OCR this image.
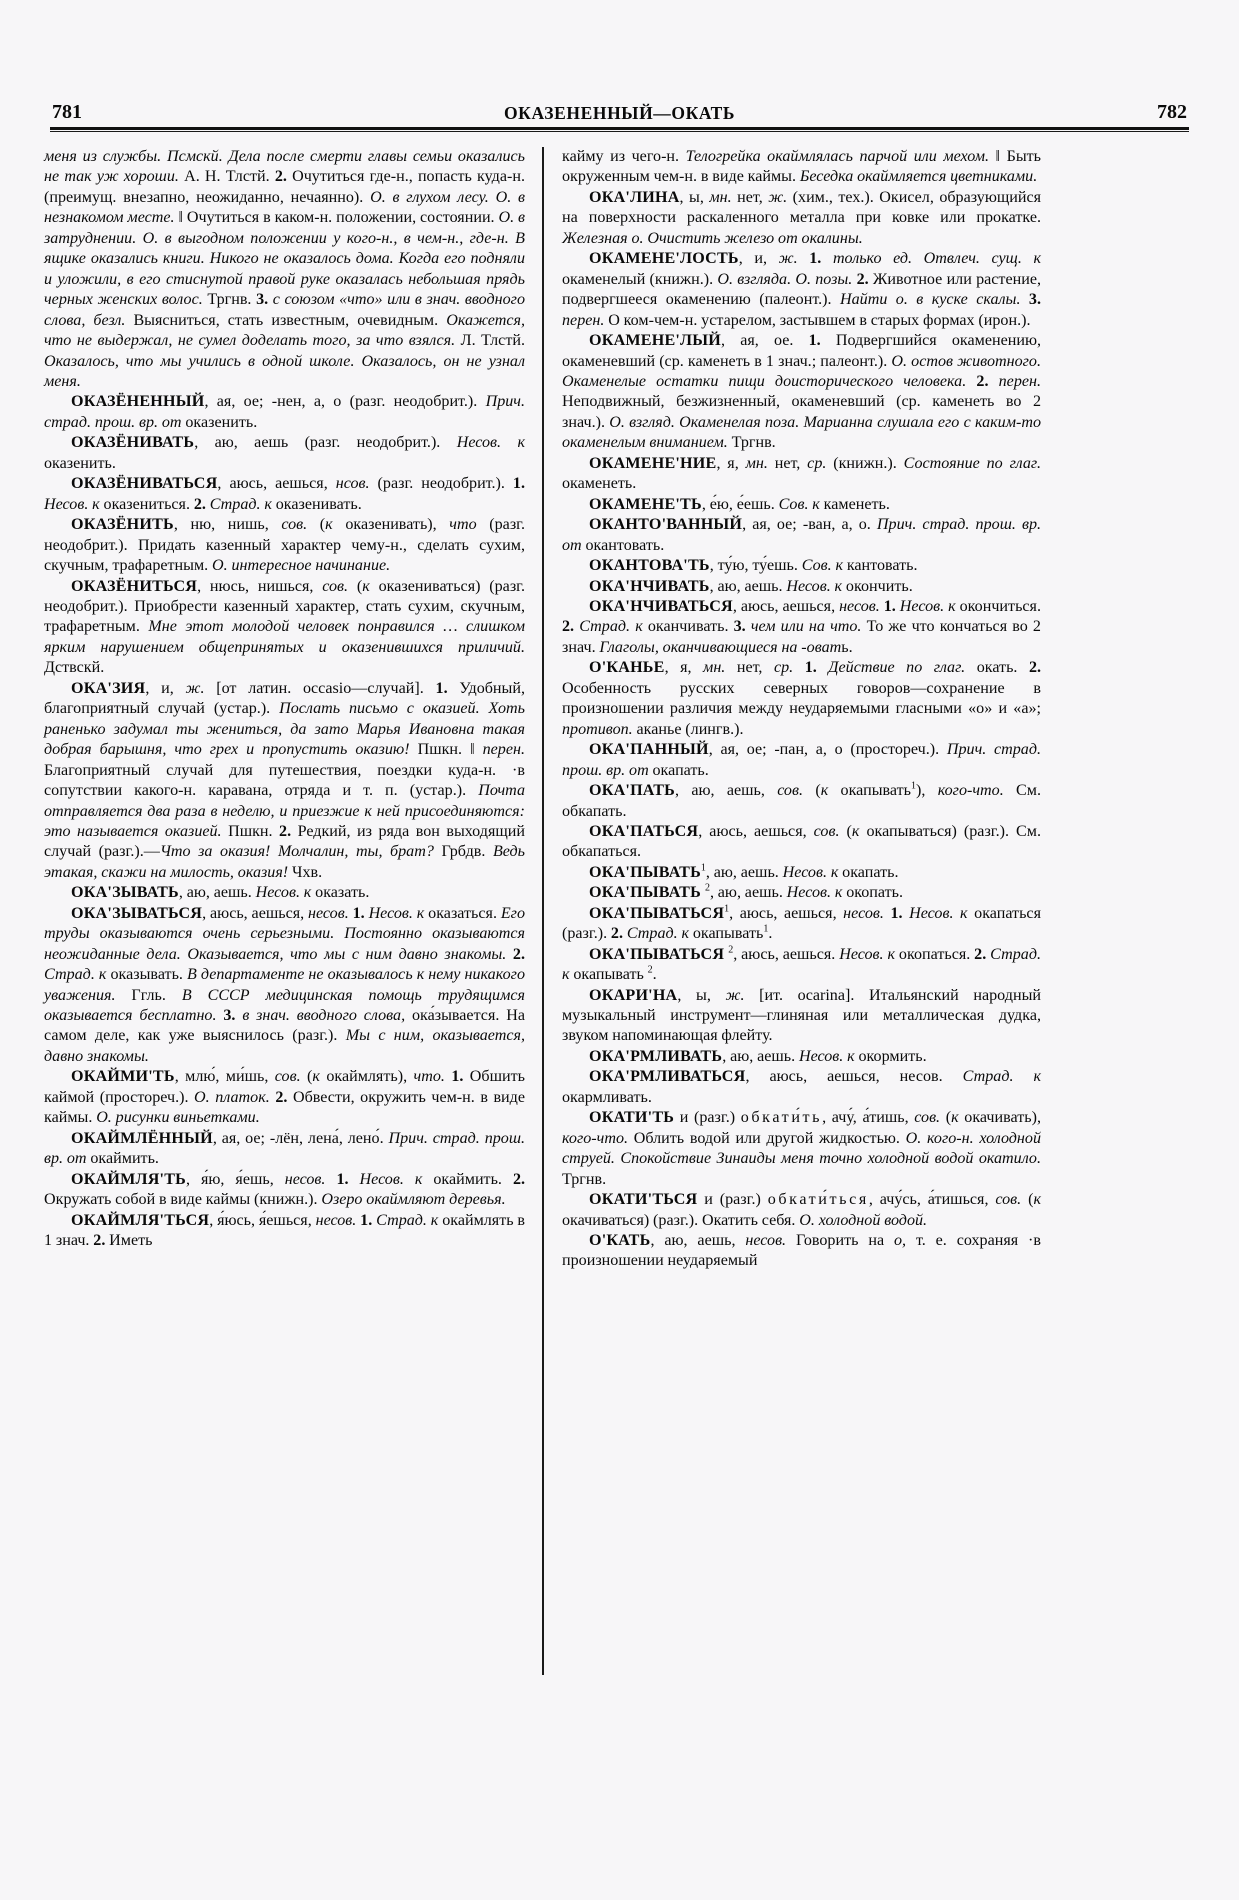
781	ОКАЗЕНЕННЫЙ—ОКАТЬ	782

меня из службы. Псмскй. Дела после смерти главы семьи оказались не так уж хороши. А. Н. Тлстй. 2. Очутиться где-н., попасть куда-н. (преимущ. внезапно, неожиданно, нечаянно). О. в глухом лесу. О. в незнакомом месте. ‖ Очутиться в каком-н. положении, состоянии. О. в затруднении. О. в выгодном положении у кого-н., в чем-н., где-н. В ящике оказались книги. Никого не оказалось дома. Когда его подняли и уложили, в его стиснутой правой руке оказалась небольшая прядь черных женских волос. Тргнв. 3. с союзом «что» или в знач. вводного слова, безл. Выясниться, стать известным, очевидным. Окажется, что не выдержал, не сумел доделать того, за что взялся. Л. Тлстй. Оказалось, что мы учились в одной школе. Оказалось, он не узнал меня.

ОКАЗЁНЕННЫЙ, ая, ое; -нен, а, о (разг. неодобрит.). Прич. страд. прош. вр. от оказенить.

ОКАЗЁНИВАТЬ, аю, аешь (разг. неодобрит.). Несов. к оказенить.

ОКАЗЁНИВАТЬСЯ, аюсь, аешься, нсов. (разг. неодобрит.). 1. Несов. к оказениться. 2. Страд. к оказенивать.

ОКАЗЁНИТЬ, ню, нишь, сов. (к оказенивать), что (разг. неодобрит.). Придать казенный характер чему-н., сделать сухим, скучным, трафаретным. О. интересное начинание.

ОКАЗЁНИТЬСЯ, нюсь, нишься, сов. (к оказениваться) (разг. неодобрит.). Приобрести казенный характер, стать сухим, скучным, трафаретным. Мне этот молодой человек понравился … слишком ярким нарушением общепринятых и оказенившихся приличий. Дствскй.

ОКА'ЗИЯ, и, ж. [от латин. occasio—случай]. 1. Удобный, благоприятный случай (устар.). Послать письмо с оказией. Хоть раненько задумал ты жениться, да зато Марья Ивановна такая добрая барышня, что грех и пропустить оказию! Пшкн. ‖ перен. Благоприятный случай для путешествия, поездки куда-н. ·в сопутствии какого-н. каравана, отряда и т. п. (устар.). Почта отправляется два раза в неделю, и приезжие к ней присоединяются: это называется оказией. Пшкн. 2. Редкий, из ряда вон выходящий случай (разг.).—Что за оказия! Молчалин, ты, брат? Грбдв. Ведь этакая, скажи на милость, оказия! Чхв.

ОКА'ЗЫВАТЬ, аю, аешь. Несов. к оказать.

ОКА'ЗЫВАТЬСЯ, аюсь, аешься, несов. 1. Несов. к оказаться. Его труды оказываются очень серьезными. Постоянно оказываются неожиданные дела. Оказывается, что мы с ним давно знакомы. 2. Страд. к оказывать. В департаменте не оказывалось к нему никакого уважения. Ггль. В СССР медицинская помощь трудящимся оказывается бесплатно. 3. в знач. вводного слова, ока́зывается. На самом деле, как уже выяснилось (разг.). Мы с ним, оказывается, давно знакомы.

ОКАЙМИ'ТЬ, млю́, ми́шь, сов. (к окаймлять), что. 1. Обшить каймой (простореч.). О. платок. 2. Обвести, окружить чем-н. в виде каймы. О. рисунки виньетками.

ОКАЙМЛЁННЫЙ, ая, ое; -лён, лена́, лено́. Прич. страд. прош. вр. от окаймить.

ОКАЙМЛЯ'ТЬ, я́ю, я́ешь, несов. 1. Несов. к окаймить. 2. Окружать собой в виде каймы (книжн.). Озеро окаймляют деревья.

ОКАЙМЛЯ'ТЬСЯ, я́юсь, я́ешься, несов. 1. Страд. к окаймлять в 1 знач. 2. Иметь

кайму из чего-н. Телогрейка окаймлялась парчой или мехом. ‖ Быть окруженным чем-н. в виде каймы. Беседка окаймляется цветниками.

ОКА'ЛИНА, ы, мн. нет, ж. (хим., тех.). Окисел, образующийся на поверхности раскаленного металла при ковке или прокатке. Железная о. Очистить железо от окалины.

ОКАМЕНЕ'ЛОСТЬ, и, ж. 1. только ед. Отвлеч. сущ. к окаменелый (книжн.). О. взгляда. О. позы. 2. Животное или растение, подвергшееся окаменению (палеонт.). Найти о. в куске скалы. 3. перен. О ком-чем-н. устарелом, застывшем в старых формах (ирон.).

ОКАМЕНЕ'ЛЫЙ, ая, ое. 1. Подвергшийся окаменению, окаменевший (ср. каменеть в 1 знач.; палеонт.). О. остов животного. Окаменелые остатки пищи доисторического человека. 2. перен. Неподвижный, безжизненный, окаменевший (ср. каменеть во 2 знач.). О. взгляд. Окаменелая поза. Марианна слушала его с каким-то окаменелым вниманием. Тргнв.

ОКАМЕНЕ'НИЕ, я, мн. нет, ср. (книжн.). Состояние по глаг. окаменеть.

ОКАМЕНЕ'ТЬ, е́ю, е́ешь. Сов. к каменеть.

ОКАНТО'ВАННЫЙ, ая, ое; -ван, а, о. Прич. страд. прош. вр. от окантовать.

ОКАНТОВА'ТЬ, ту́ю, ту́ешь. Сов. к кантовать.

ОКА'НЧИВАТЬ, аю, аешь. Несов. к окончить.

ОКА'НЧИВАТЬСЯ, аюсь, аешься, несов. 1. Несов. к окончиться. 2. Страд. к оканчивать. 3. чем или на что. То же что кончаться во 2 знач. Глаголы, оканчивающиеся на -овать.

О'КАНЬЕ, я, мн. нет, ср. 1. Действие по глаг. окать. 2. Особенность русских северных говоров—сохранение в произношении различия между неударяемыми гласными «о» и «а»; противоп. аканье (лингв.).

ОКА'ПАННЫЙ, ая, ое; -пан, а, о (простореч.). Прич. страд. прош. вр. от окапать.

ОКА'ПАТЬ, аю, аешь, сов. (к окапывать$^1$), кого-что. См. обкапать.

ОКА'ПАТЬСЯ, аюсь, аешься, сов. (к окапываться) (разг.). См. обкапаться.

ОКА'ПЫВАТЬ$^1$, аю, аешь. Несов. к окапать.

ОКА'ПЫВАТЬ $^2$, аю, аешь. Несов. к окопать.

ОКА'ПЫВАТЬСЯ$^1$, аюсь, аешься, несов. 1. Несов. к окапаться (разг.). 2. Страд. к окапывать$^1$.

ОКА'ПЫВАТЬСЯ $^2$, аюсь, аешься. Несов. к окопаться. 2. Страд. к окапывать $^2$.

ОКАРИ'НА, ы, ж. [ит. ocarina]. Итальянский народный музыкальный инструмент—глиняная или металлическая дудка, звуком напоминающая флейту.

ОКА'РМЛИВАТЬ, аю, аешь. Несов. к окормить.

ОКА'РМЛИВАТЬСЯ, аюсь, аешься, несов. Страд. к окармливать.

ОКАТИ'ТЬ и (разг.) обкати́ть, ачу́, а́тишь, сов. (к окачивать), кого-что. Облить водой или другой жидкостью. О. кого-н. холодной струей. Спокойствие Зинаиды меня точно холодной водой окатило. Тргнв.

ОКАТИ'ТЬСЯ и (разг.) обкати́ться, ачу́сь, а́тишься, сов. (к окачиваться) (разг.). Окатить себя. О. холодной водой.

О'КАТЬ, аю, аешь, несов. Говорить на о, т. е. сохраняя ·в произношении неударяемый
